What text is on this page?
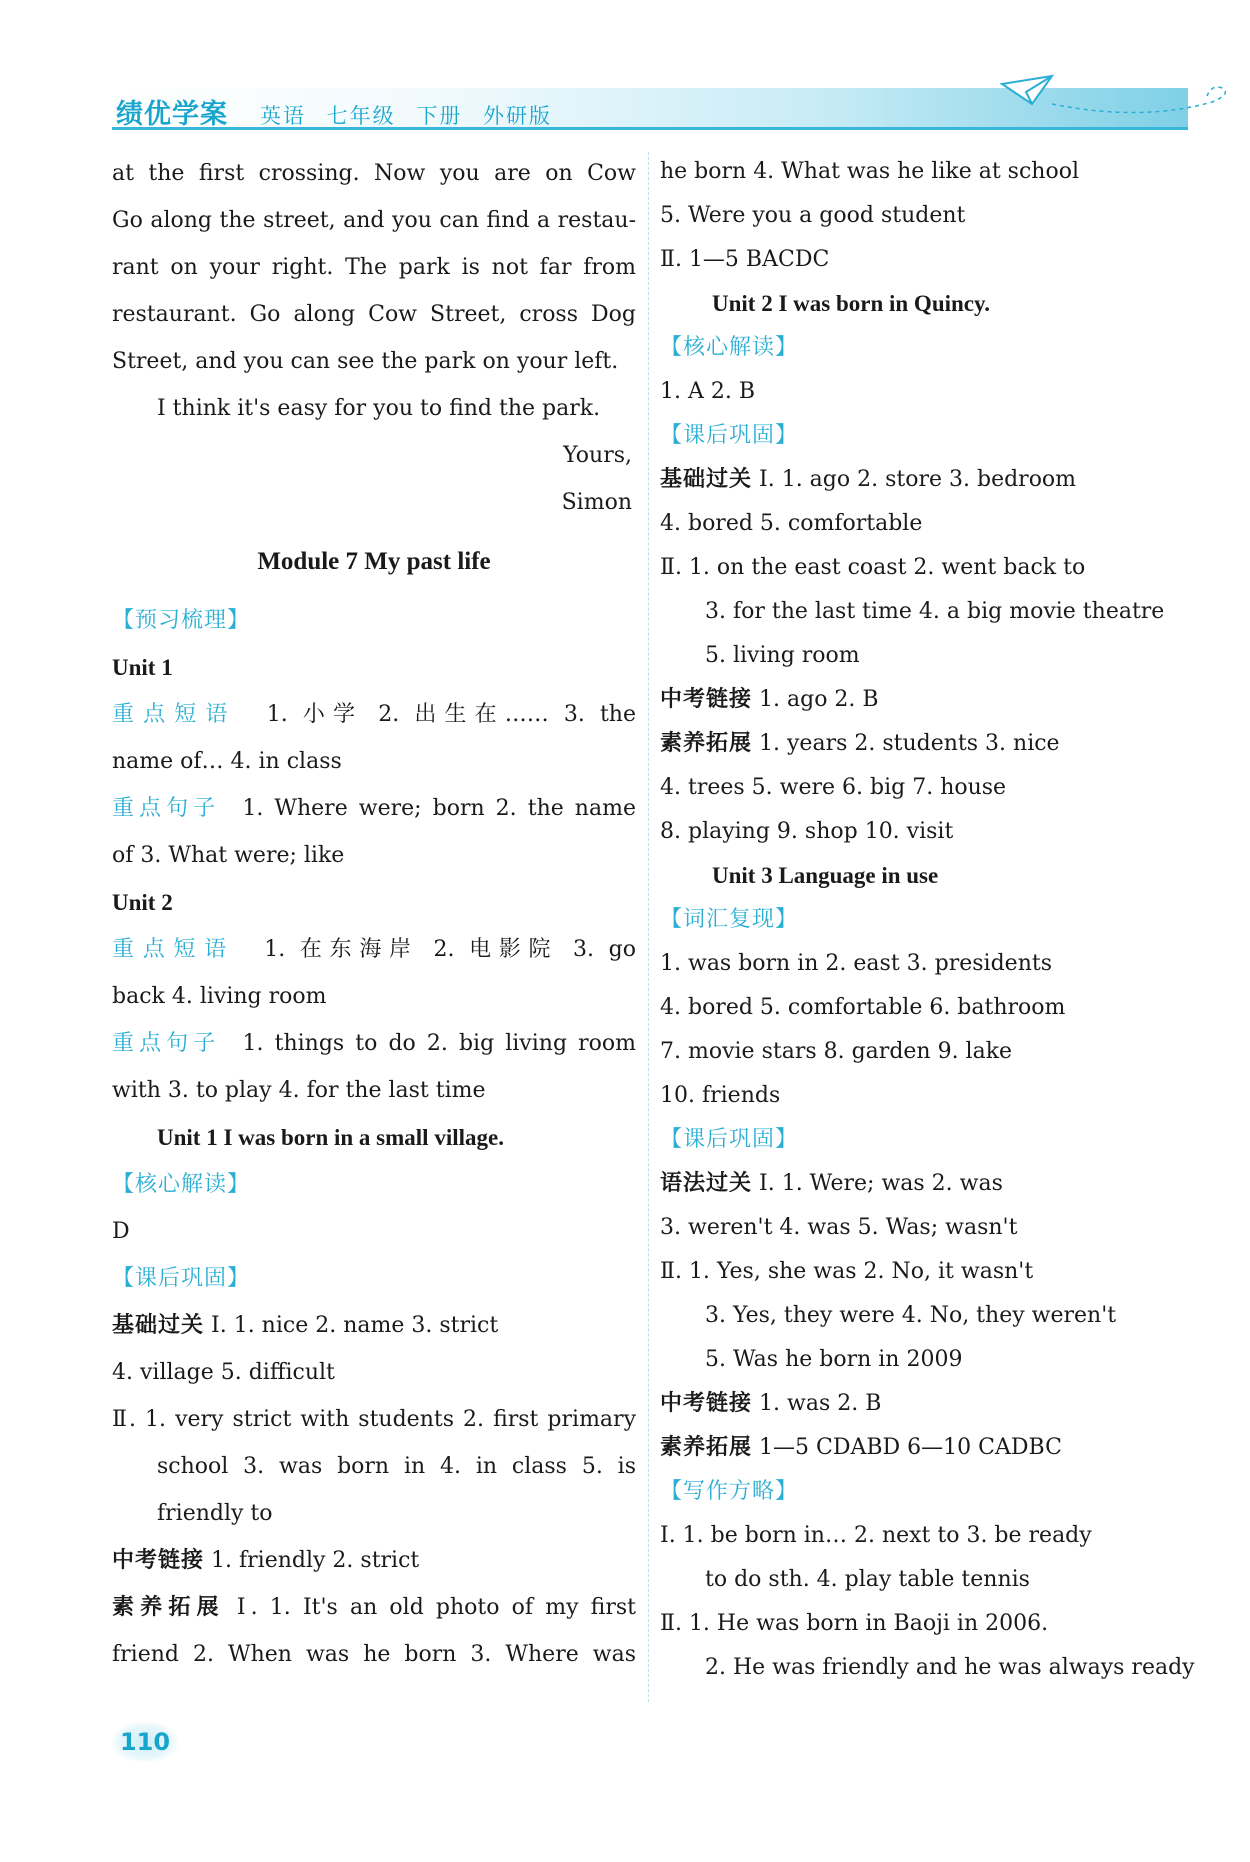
绩优学案 英语 七年级 下册 外研版
at the first crossing. Now you are on Cow
Go along the street, and you can find a restau-
rant on your right. The park is not far from
restaurant. Go along Cow Street, cross Dog
Street, and you can see the park on your left.
I think it's easy for you to find the park.
Yours,
Simon
Module 7 My past life
【预习梳理】
Unit 1
重点短语 1. 小学 2. 出生在…… 3. the
name of… 4. in class
重点句子 1. Where were; born 2. the name
of 3. What were; like
Unit 2
重点短语 1. 在东海岸 2. 电影院 3. go
back 4. living room
重点句子 1. things to do 2. big living room
with 3. to play 4. for the last time
Unit 1 I was born in a small village.
【核心解读】
D
【课后巩固】
基础过关 Ⅰ. 1. nice 2. name 3. strict
4. village 5. difficult
Ⅱ. 1. very strict with students 2. first primary
school 3. was born in 4. in class 5. is
friendly to
中考链接 1. friendly 2. strict
素养拓展 Ⅰ. 1. It's an old photo of my first
friend 2. When was he born 3. Where was
he born 4. What was he like at school
5. Were you a good student
Ⅱ. 1—5 BACDC
Unit 2 I was born in Quincy.
【核心解读】
1. A 2. B
【课后巩固】
基础过关 Ⅰ. 1. ago 2. store 3. bedroom
4. bored 5. comfortable
Ⅱ. 1. on the east coast 2. went back to
3. for the last time 4. a big movie theatre
5. living room
中考链接 1. ago 2. B
素养拓展 1. years 2. students 3. nice
4. trees 5. were 6. big 7. house
8. playing 9. shop 10. visit
Unit 3 Language in use
【词汇复现】
1. was born in 2. east 3. presidents
4. bored 5. comfortable 6. bathroom
7. movie stars 8. garden 9. lake
10. friends
【课后巩固】
语法过关 Ⅰ. 1. Were; was 2. was
3. weren't 4. was 5. Was; wasn't
Ⅱ. 1. Yes, she was 2. No, it wasn't
3. Yes, they were 4. No, they weren't
5. Was he born in 2009
中考链接 1. was 2. B
素养拓展 1—5 CDABD 6—10 CADBC
【写作方略】
Ⅰ. 1. be born in… 2. next to 3. be ready
to do sth. 4. play table tennis
Ⅱ. 1. He was born in Baoji in 2006.
2. He was friendly and he was always ready
110
